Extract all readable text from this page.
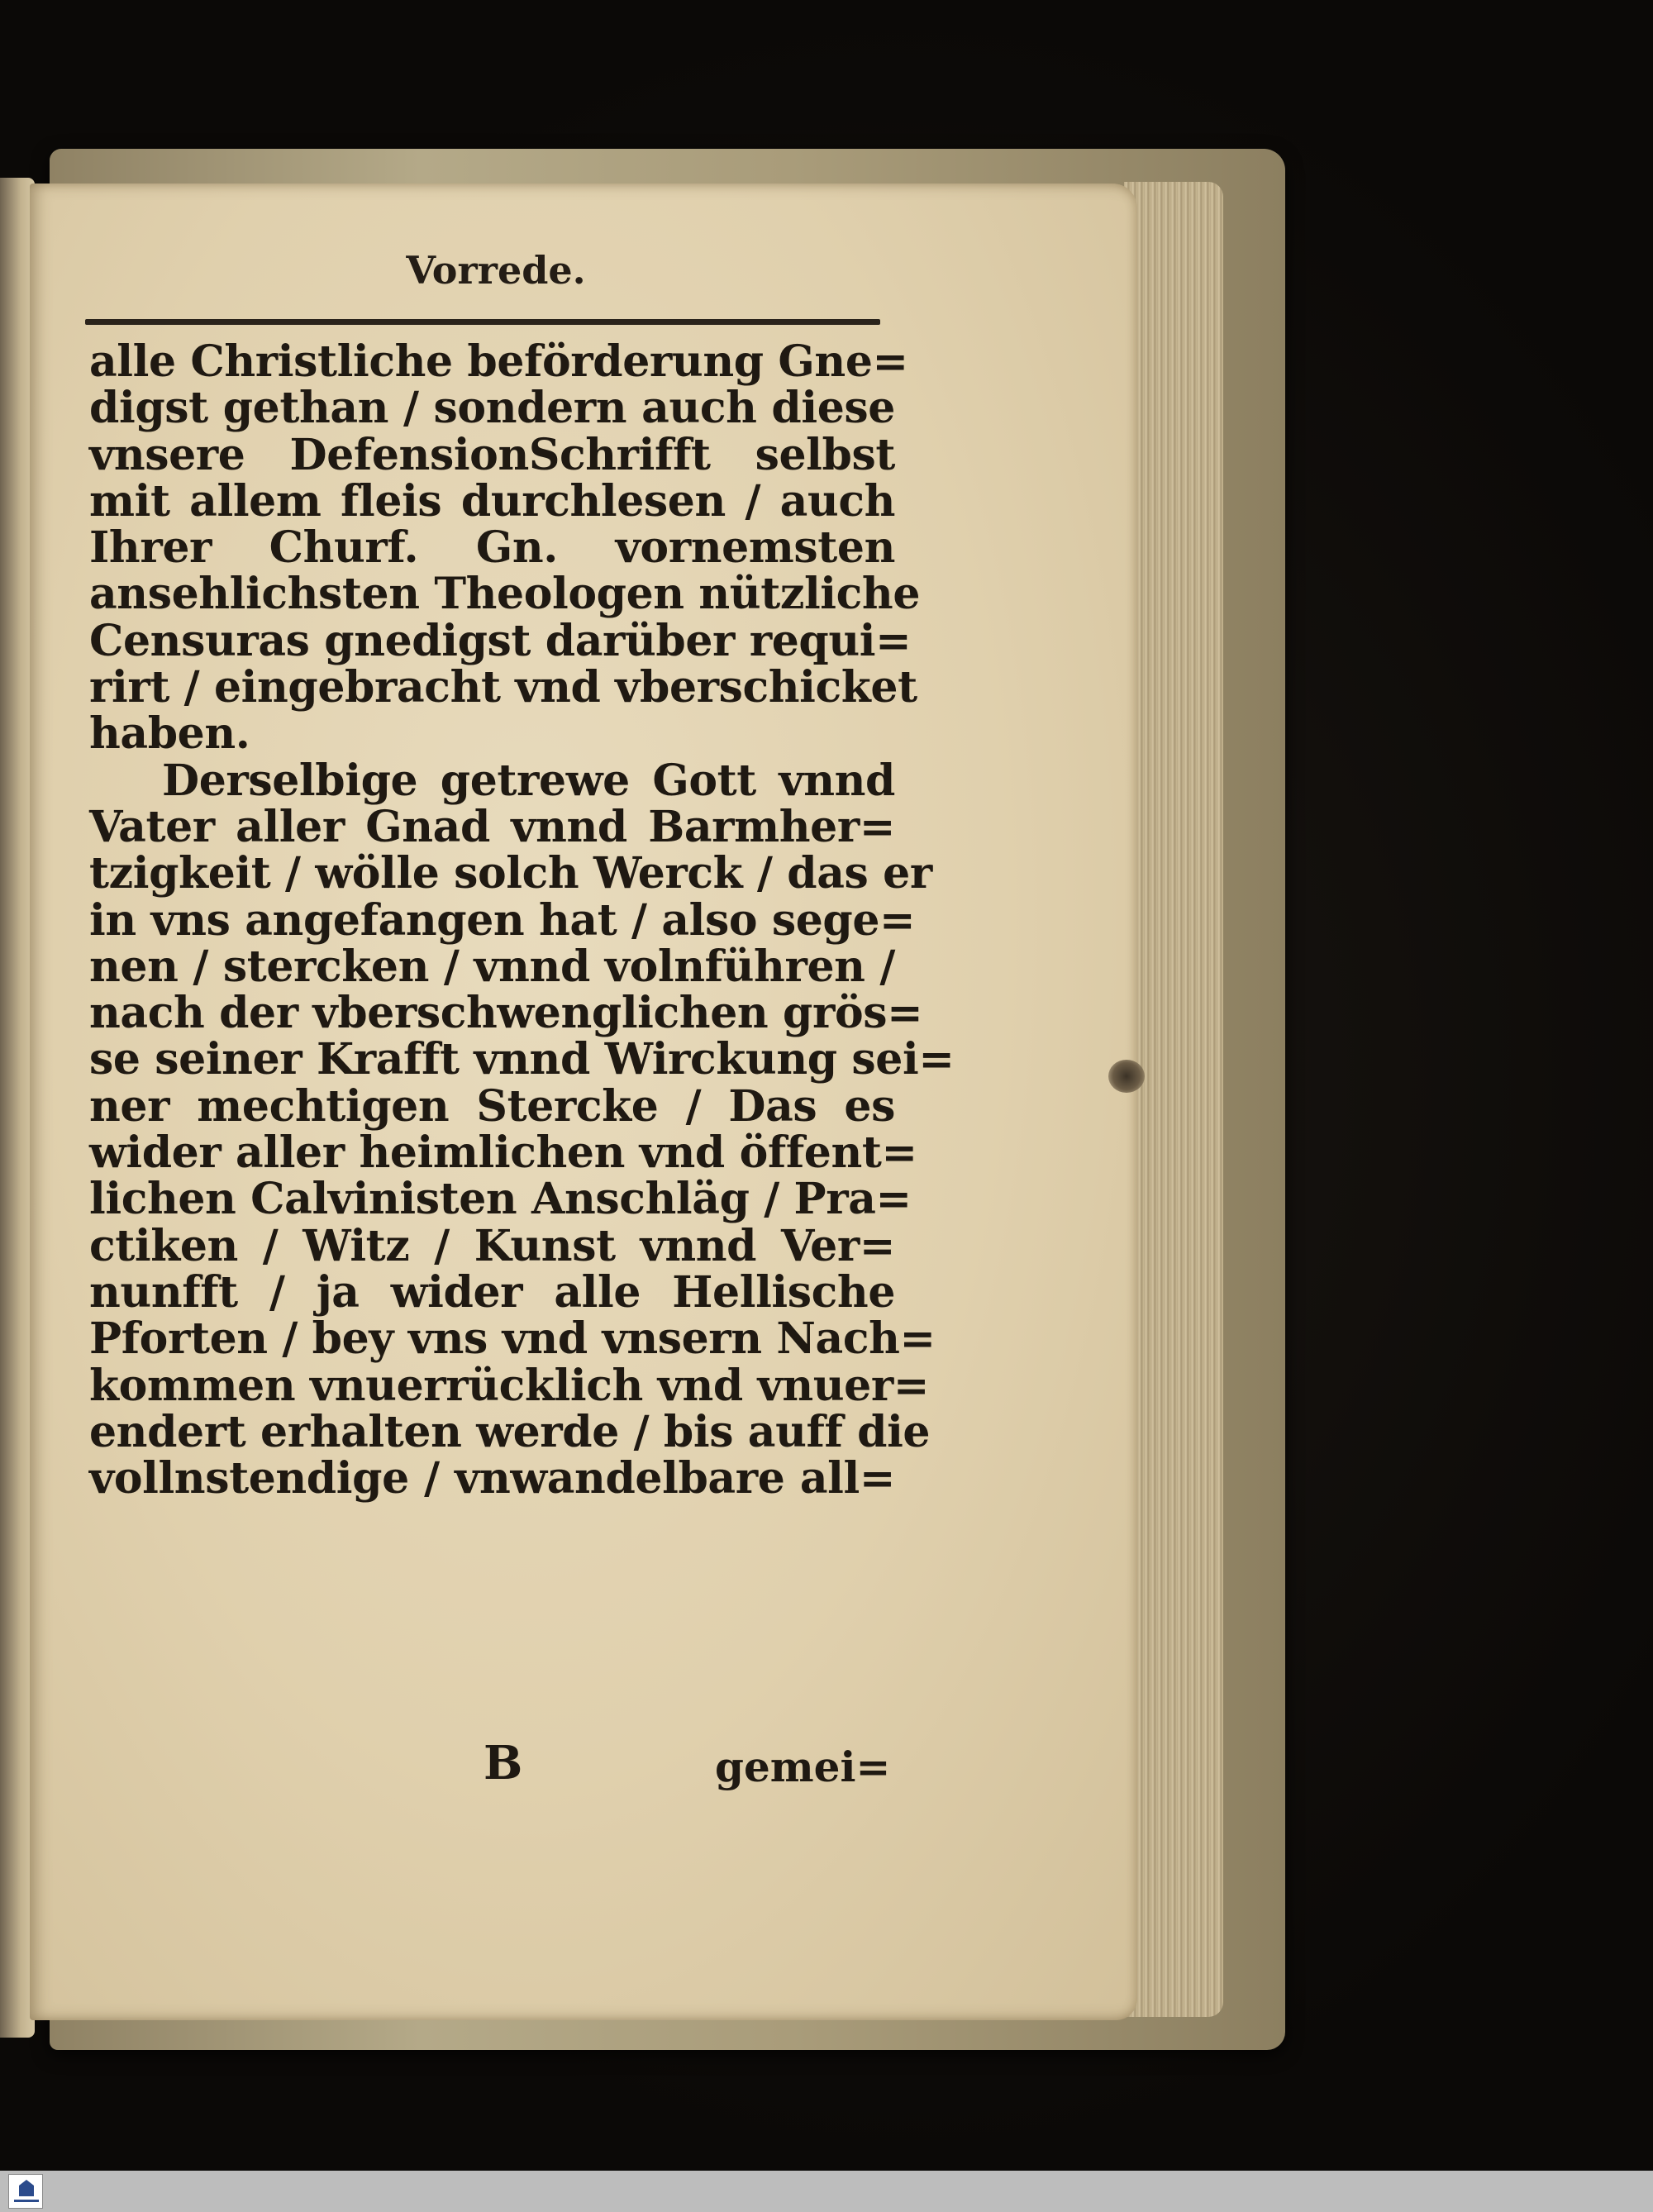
Vorrede.
alle Christliche beförderung Gne=
digst gethan / sondern auch diese
vnsere DefensionSchrifft selbst
mit allem fleis durchlesen / auch
Ihrer Churf. Gn. vornemsten
ansehlichsten Theologen nützliche
Censuras gnedigst darüber requi=
rirt / eingebracht vnd vberschicket
haben.
Derselbige getrewe Gott vnnd
Vater aller Gnad vnnd Barmher=
tzigkeit / wölle solch Werck / das er
in vns angefangen hat / also sege=
nen / stercken / vnnd volnführen /
nach der vberschwenglichen grös=
se seiner Krafft vnnd Wirckung sei=
ner mechtigen Stercke / Das es
wider aller heimlichen vnd öffent=
lichen Calvinisten Anschläg / Pra=
ctiken / Witz / Kunst vnnd Ver=
nunfft / ja wider alle Hellische
Pforten / bey vns vnd vnsern Nach=
kommen vnuerrücklich vnd vnuer=
endert erhalten werde / bis auff die
vollnstendige / vnwandelbare all=
B	gemei=
